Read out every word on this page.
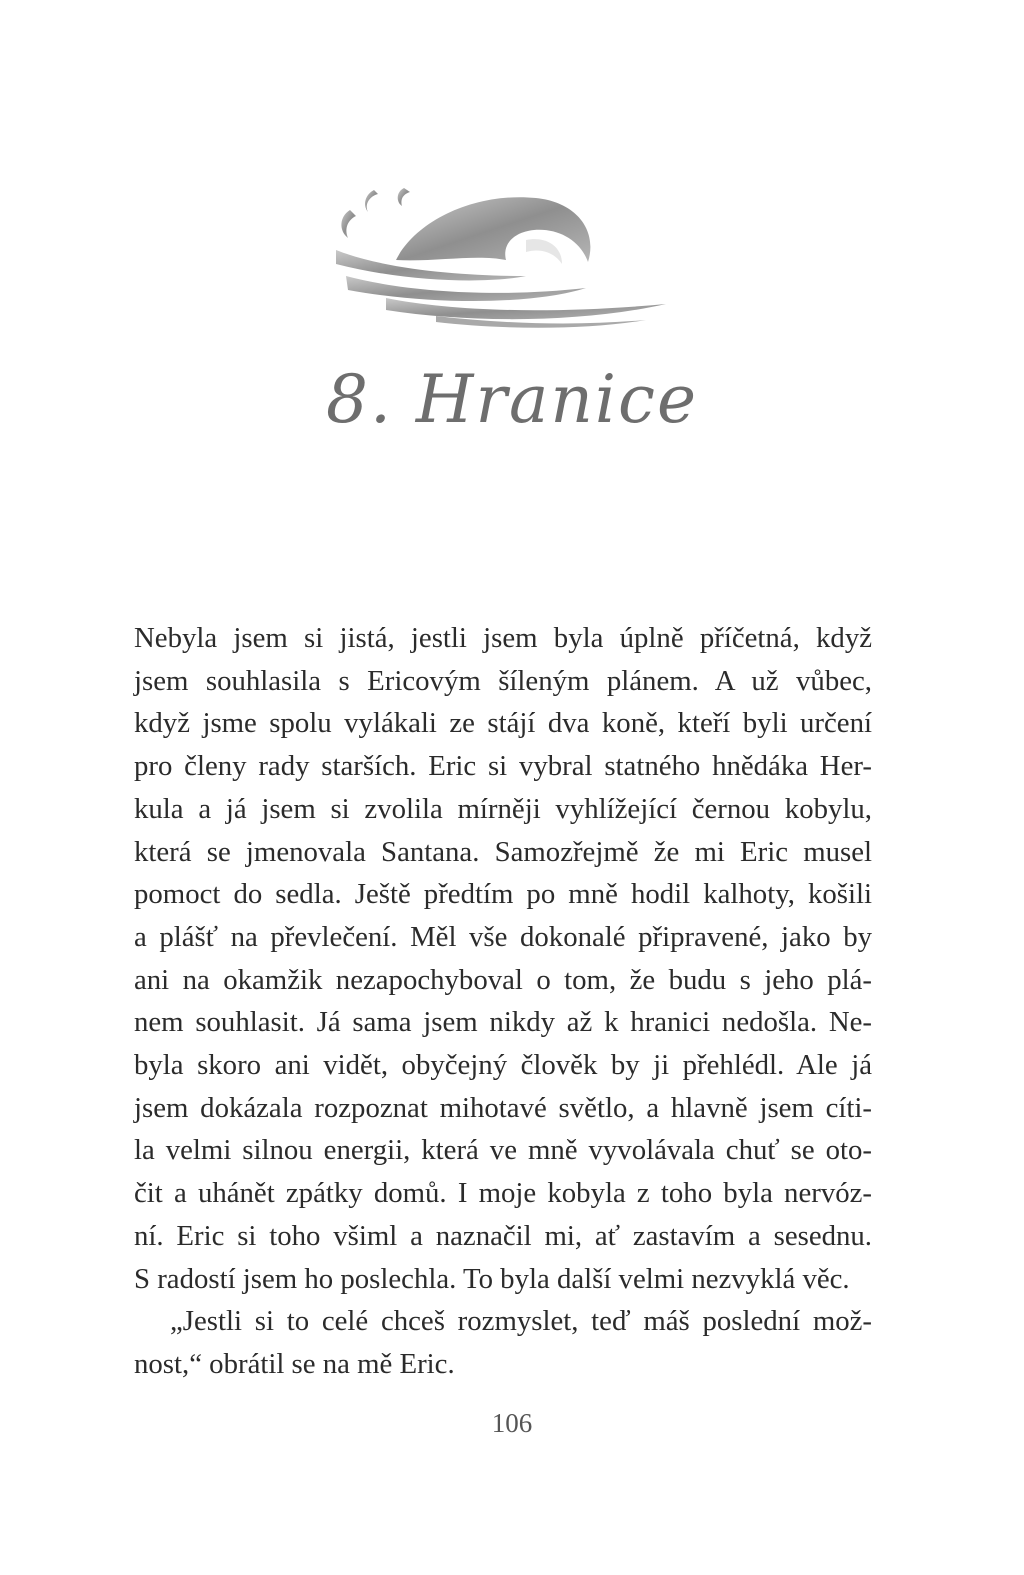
8. Hranice
Nebyla jsem si jistá, jestli jsem byla úplně příčetná, když
jsem souhlasila s Ericovým šíleným plánem. A už vůbec,
když jsme spolu vylákali ze stájí dva koně, kteří byli určení
pro členy rady starších. Eric si vybral statného hnědáka Her-
kula a já jsem si zvolila mírněji vyhlížející černou kobylu,
která se jmenovala Santana. Samozřejmě že mi Eric musel
pomoct do sedla. Ještě předtím po mně hodil kalhoty, košili
a plášť na převlečení. Měl vše dokonalé připravené, jako by
ani na okamžik nezapochyboval o tom, že budu s jeho plá-
nem souhlasit. Já sama jsem nikdy až k hranici nedošla. Ne-
byla skoro ani vidět, obyčejný člověk by ji přehlédl. Ale já
jsem dokázala rozpoznat mihotavé světlo, a hlavně jsem cíti-
la velmi silnou energii, která ve mně vyvolávala chuť se oto-
čit a uhánět zpátky domů. I moje kobyla z toho byla nervóz-
ní. Eric si toho všiml a naznačil mi, ať zastavím a sesednu.
S radostí jsem ho poslechla. To byla další velmi nezvyklá věc.
„Jestli si to celé chceš rozmyslet, teď máš poslední mož-
nost,“ obrátil se na mě Eric.
106
